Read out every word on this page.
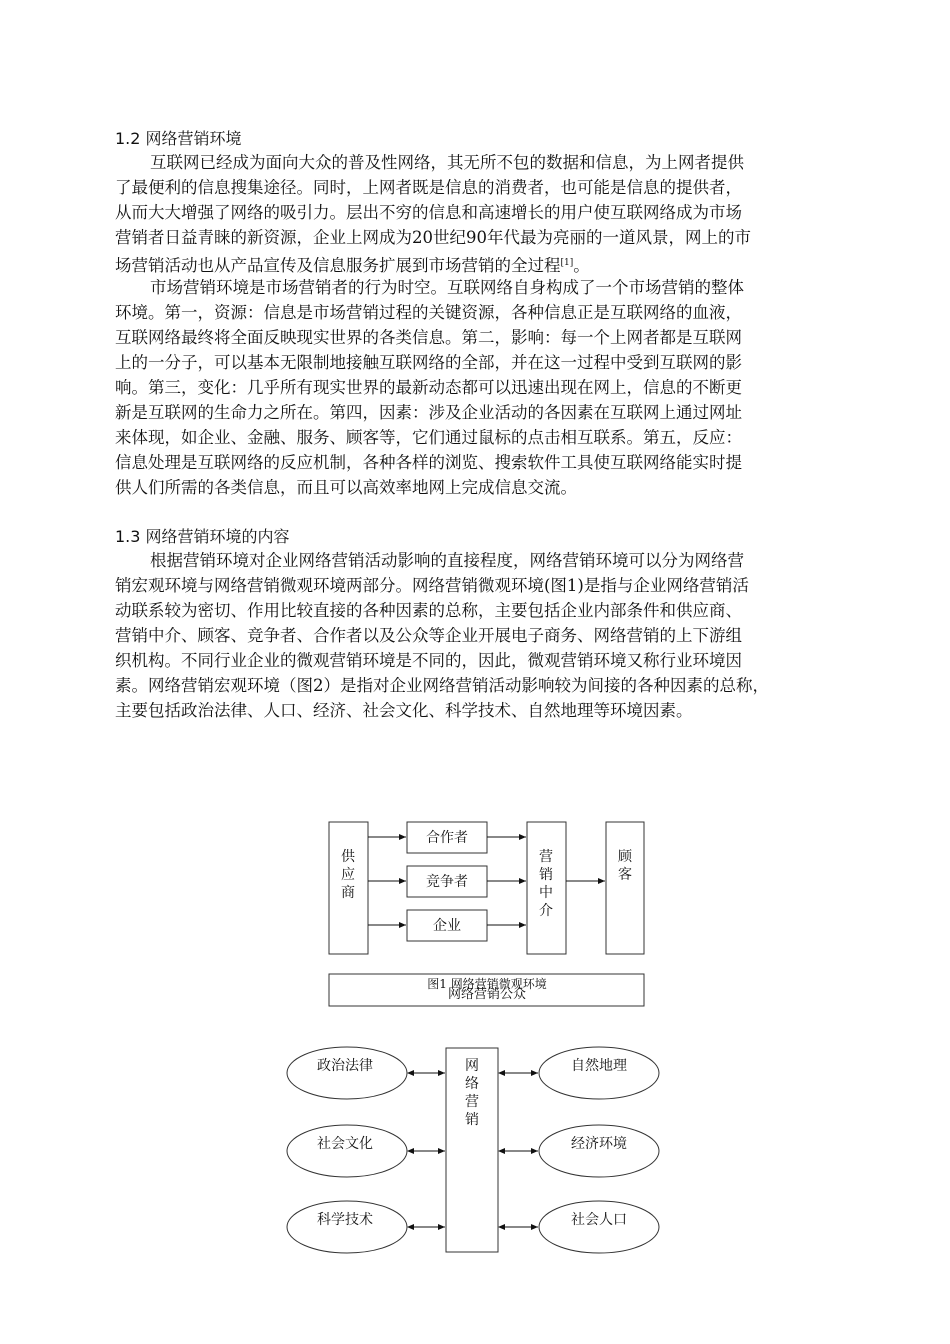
1.2 网络营销环境
互联网已经成为面向大众的普及性网络，其无所不包的数据和信息，为上网者提供
了最便利的信息搜集途径。同时，上网者既是信息的消费者，也可能是信息的提供者，
从而大大增强了网络的吸引力。层出不穷的信息和高速增长的用户使互联网络成为市场
营销者日益青睐的新资源，企业上网成为20世纪90年代最为亮丽的一道风景，网上的市
场营销活动也从产品宣传及信息服务扩展到市场营销的全过程[1]。
市场营销环境是市场营销者的行为时空。互联网络自身构成了一个市场营销的整体
环境。第一，资源：信息是市场营销过程的关键资源，各种信息正是互联网络的血液，
互联网络最终将全面反映现实世界的各类信息。第二，影响：每一个上网者都是互联网
上的一分子，可以基本无限制地接触互联网络的全部，并在这一过程中受到互联网的影
响。第三，变化：几乎所有现实世界的最新动态都可以迅速出现在网上，信息的不断更
新是互联网的生命力之所在。第四，因素：涉及企业活动的各因素在互联网上通过网址
来体现，如企业、金融、服务、顾客等，它们通过鼠标的点击相互联系。第五，反应：
信息处理是互联网络的反应机制，各种各样的浏览、搜索软件工具使互联网络能实时提
供人们所需的各类信息，而且可以高效率地网上完成信息交流。
1.3 网络营销环境的内容
根据营销环境对企业网络营销活动影响的直接程度，网络营销环境可以分为网络营
销宏观环境与网络营销微观环境两部分。网络营销微观环境(图1)是指与企业网络营销活
动联系较为密切、作用比较直接的各种因素的总称，主要包括企业内部条件和供应商、
营销中介、顾客、竞争者、合作者以及公众等企业开展电子商务、网络营销的上下游组
织机构。不同行业企业的微观营销环境是不同的，因此，微观营销环境又称行业环境因
素。网络营销宏观环境（图2）是指对企业网络营销活动影响较为间接的各种因素的总称，
主要包括政治法律、人口、经济、社会文化、科学技术、自然地理等环境因素。
供
应
商
合作者
竞争者
企业
营
销
中
介
顾
客
网络营销公众
图1 网络营销微观环境
网
络
营
销
政治法律
社会文化
科学技术
自然地理
经济环境
社会人口
